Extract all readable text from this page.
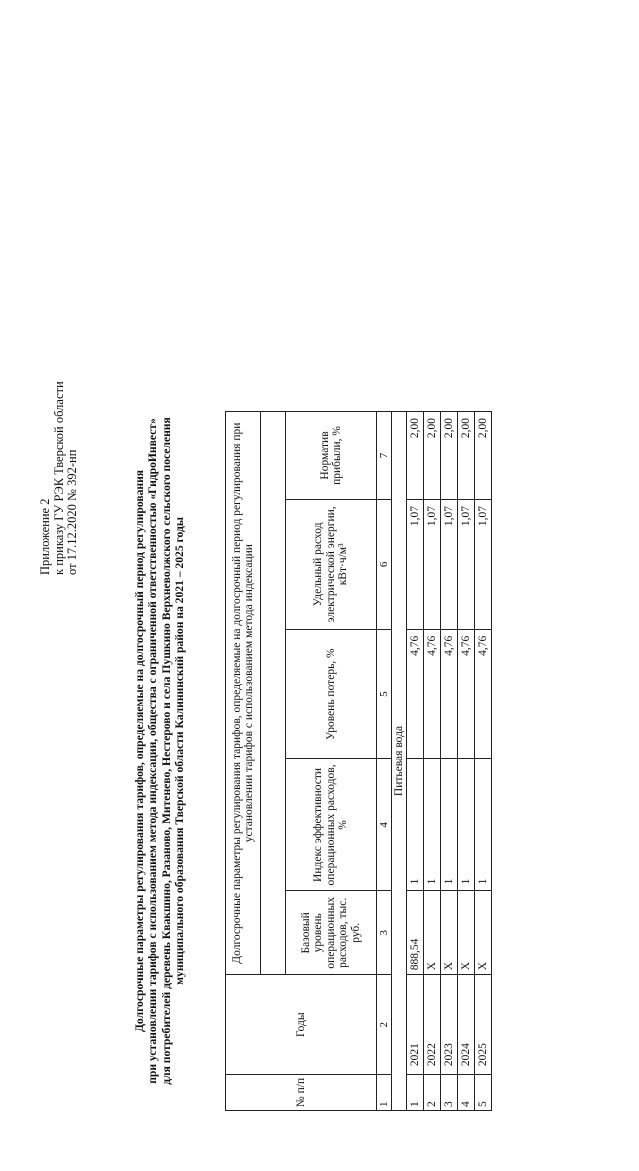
Приложение 2 к приказу ГУ РЭК Тверской области от 17.12.2020 № 392-нп	Долгосрочные параметры регулирования тарифов, определяемые на долгосрочный период регулирования при установлении тарифов с использованием метода индексации, общества с ограниченной ответственностью «ГидроИнвест» для потребителей деревень Квакшино, Разаново, Митенево, Нестерово и села Пушкино Верхневолжского сельского поселения муниципального образования Тверской области Калининский район на 2021 – 2025 годы
№ п/п	Годы	Долгосрочные параметры регулирования тарифов, определяемые на долгосрочный период регулирования при установлении тарифов с использованием метода индексации				

		Базовый уровень операционных расходов, тыс. руб.	Индекс эффективности операционных расходов, %	Уровень потерь, %	Удельный расход электрической энергии, кВт·ч/м³	Норматив прибыли, %
1	2	3	4	5	6	7
Питьевая вода						
1	2021	888,54	1	4,76	1,07	2,00
2	2022	X	1	4,76	1,07	2,00
3	2023	X	1	4,76	1,07	2,00
4	2024	X	1	4,76	1,07	2,00
5	2025	X	1	4,76	1,07	2,00
